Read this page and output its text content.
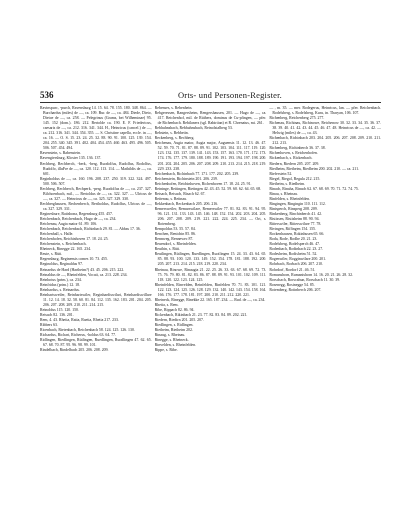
536	Orts- und Personen-Register.

Ravinspurc, -purch, Ravensburg 14. 15. 64. 78. 155. 180. 348. 864. — Burchardus (miles) de —, ca. 109. Bur. de —, ca. 484. Diede, Dieto, Dietoe de —, ca. 258. — Pelegrinus (Grams, bei Wilheminae) 95. 145. 152 (dom.). 186. 212. Bertolde ca. 190. E. F. Friedericus, caesaris de —, ca. 212. 316. 341. 344. H., Heinricus (cancel.) de —, ca. 212. 316. 341. 344. 354. 355. — S. Christine capella, eccle. in —, ca. 16. — O. S. 15. 23. 24. 25. 32. 88. 90. 91. 100. 125. 139. 154. 204. 255. 340. 345. 391. 402. 404. 454. 455. 460. 463. 495. 496. 505. 506. 507. 454. 494.

Ravenstein, s. Rabenstein.

Ravengiersburg, Kloster 135. 136. 137.

Rechberg, Rechberch, -berk, -berg, Ruodolfus, Rudolfus, Rodolfus, Rudolfo, illuFre de —, ca. 120. 112. 113. 114. — Mathildis de —, ca. 601.

Reginboldus de —, ca. 160. 196. 208. 237. 250. 319. 322. 324. 497. 500. 506. 507.

Rechberg, Rechberch, Rechperk, -perg. Ruodolfus de —, ca. 237. 327. Bilchoenbach, mil., — Bertoldus de —, ca. 322. 327. — Ulricus de —, ca. 327. — Heinricus de —, ca. 325. 327. 329. 330.

Rechberghausen, Rechenberch, Bertholdus, Rudolfus, Ulricus de —, ca. 327. 329. 331.

Reginesbure, Ratisbona, Regensburg 455. 457.

Reichenbach, Reichenbach, Hugo de —, ca. 234.

Reichenau, Augia maior 61. 89. 106.

Reichenbach, Reichenbach, Richinbach 29. 81. — Abbas 17. 36.

Reichenhall, s. Halle.

Reichenhofen, Reichinhoven 17. 18. 24. 25.

Reichenstein, s. Reichenbach.

Rheineck, Rinegge 22. 165. 234.

Reute, s. Rüti.

Regensburg, Reginensis comes 10. 73. 455.

Reginoldus, Reginaldus 97.

Reinardus de Hard (Hartheim?) 43. 45. 206. 215. 222.

Reinaldus de —, Rheinfelden, Vocati, ca. 213. 228. 234.

Reinbotus (prim.), ca. 234.

Reinfridus (prim.) 12. 18.

Reinhardus, s. Reinardus.

Reinhartsweiler, Reinhartswiler, Reginhardiswilari, Reinhardiswillare 11. 12. 14. 18. 32. 58. 60. 81. 84. 112. 135. 162. 183. 201. 204. 205. 206. 207. 208. 209. 210. 211. 214. 215.

Reinoldus 115. 120. 150.

Reisach 82. 136. 201.

Rem, 4. 43. Rhetia, Ratia, Raetia, Rhetia 217. 233.

Ribbers 63.

Ricenbach, Rietenbach, Reichenbach 58. 124. 125. 126. 130.

Richardus, Richart, Richerus, -holdus 63. 64. 77.

Ridlingen, Riedlingen, Rütlingen, Ruedlingen, Ruodlingen 47. 62. 65. 67. 68. 70. 87. 95. 96. 98. 99. 101.

Rindelbach, Rindelbach 205. 206. 208. 209.

Rebenses, s. Rebenhein.

Rebgeressen, Rangersheim, Rengershausen, 201. — Hugo de —, ca. 417. Reichenhof, mil. de Rüthers, dominus de Cu-pfingen, — pfer. de Richenbach. Rebilaners (sgl. Rabirtian) et R. Chrenaius, mi. 261.

Rebhuhnsbach, Rebhuhnsbach, Reinolstalberg 53.

Rebstein, s. Rebbetin.

Reckenberg, s. Rechberg.

Reichenau, Augia maior, Augia major, Auguensis 11. 12. 13. 46. 47. 52. 59. 70. 71. 81. 87. 88. 89. 91. 102. 103. 104. 111. 117. 119. 120. 123. 132. 135. 137. 139. 141. 143. 153. 157. 163. 170. 171. 172. 173. 174. 176. 177. 179. 180. 188. 189. 190. 191. 193. 194. 197. 198. 200. 201. 202. 204. 205. 206. 207. 208. 209. 210. 213. 214. 215. 218. 219. 229. 233. 238.

Reichenbach, Richinbach 77. 171. 177. 202. 205. 239.

Reichenstein, Richinstein 201. 206. 239.

Reichenhofen, Reichinhoven, Richenhoven 17. 18. 24. 25. 91.

Reininge, Reitingen, Rietingen 42. 43. 45. 52. 59. 60. 62. 64. 65. 68.

Reisach, Reisach, Risach 62. 67.

Reitenau, s. Reitnau.

Rekkenbach, Reckenbach 205. 206. 216.

Remersweiler, Remarswilare, Remerswiler 77. 81. 82. 83. 91. 94. 95. 96. 121. 131. 133. 143. 145. 146. 148. 152. 154. 202. 203. 204. 205. 206. 207. 208. 209. 219. 221. 222. 224. 225. 234. — Ort, s. Rotemberg.

Rempoldus 53. 55. 57. 84.

Renchen, Renichin 85. 86.

Rennweg, Rennewec 87.

Reuendorf, s. Rheinfelden.

Reuthin, s. Rüti.

Reutlingen, Rütlingen, Ruedlingen, Ruotlingen 15. 24. 33. 43. 64. 65. 85. 88. 93. 100. 120. 133. 149. 152. 154. 178. 181. 188. 192. 200. 205. 207. 213. 214. 215. 218. 219. 220. 234.

Rheinau, Rinowe, Rinaugia 21. 22. 25. 26. 33. 63. 67. 68. 69. 72. 73. 75. 76. 79. 80. 81. 82. 83. 86. 87. 88. 89. 91. 93. 101. 102. 109. 111. 118. 120. 122. 123. 124. 125.

Rheinfelden, Rinvelden, Reinfelden, Rinfelden 70. 71. 83. 101. 121. 122. 123. 124. 125. 126. 128. 129. 132. 140. 142. 143. 154. 158. 164. 166. 176. 177. 178. 181. 197. 200. 210. 211. 212. 220. 221.

Rheineck, Rinegge, Rinekke 22. 165. 187. 234. — Rud. de —, ca. 234.

Rhetia, s. Rem.

Ribe, Rippach 82. 86. 94.

Rickenbach, Rikinbach 21. 23. 77. 82. 83. 84. 89. 202. 221.

Riedern, Riedirn 201. 205. 207.

Riedlingen, s. Ridlingen.

Rietheim, Rietheim 202.

Rinaug, s. Rheinau.

Rinegge, s. Rheineck.

Rinvelden, s. Rheinfelden.

Rippe, s. Ribe.

— , m. 35. — mer. Rodegerus, Heinricus, lan. — pfer. Reichenbach. Rodelsberg, s. Rodelsberg, Kuru, in. Tharyan, 106. 107.

Richenberg, Reichenberg 275. 277.

Richenau, Richinau, Richinowe, Reichenow 30. 32. 33. 34. 35. 36. 37. 38. 39. 40. 41. 42. 43. 44. 45. 46. 47. 48. Heinricus de —, ca. 42. — Helwig (miles) de —, ca. 43.

Richenbach, Richinbach 203. 204. 205. 206. 207. 208. 209. 210. 211. 212. 213.

Richenberg, Richinberch 36. 37. 38.

Richenhoven, s. Reichenhofen.

Rickenbach, s. Rickenbach.

Riedern, Riedern 205. 207. 209.

Riedheim, Rietheim, Riedheim 200. 202. 210. — ca. 211.

Rieferstein 52.

Riegel, Riegol, Regula 212. 215.

Rietheim, s. Riedheim.

Rinach, Rinaha, Rinach 62. 67. 68. 69. 70. 71. 72. 74. 75.

Rinau, s. Rheinau.

Rinfelden, s. Rheinfelden.

Ringingen, Ringingin 110. 111. 112.

Rinisperch, Rinsperg 208. 209.

Rinkenberg, Rinchinberch 41. 42.

Ristissen, Ristisheim 88. 90. 94.

Ritterswiler, Ritterswilare 77. 78.

Rivingen, Riffingen 154. 155.

Rockenhausen, Rokinhusen 65. 66.

Roda, Rode, Rodhe 20. 21. 23.

Rodelsberg, Rodelsperch 46. 47.

Rodenbach, Rodinbach 22. 23. 27.

Rodesheim, Rodisheim 51. 52.

Rogenwiler, Rogginwilare 200. 201.

Rohrbach, Rorbach 206. 207. 210.

Rohrdorf, Rordorf 21. 46. 51.

Romanshorn, Rumanishorn 14. 16. 20. 21. 26. 28. 32.

Rorschach, Rorscahun, Rorschach 11. 30. 39.

Rosenegg, Rosinegge 54. 85.

Rotemberg, Rotinberch 206. 207.
